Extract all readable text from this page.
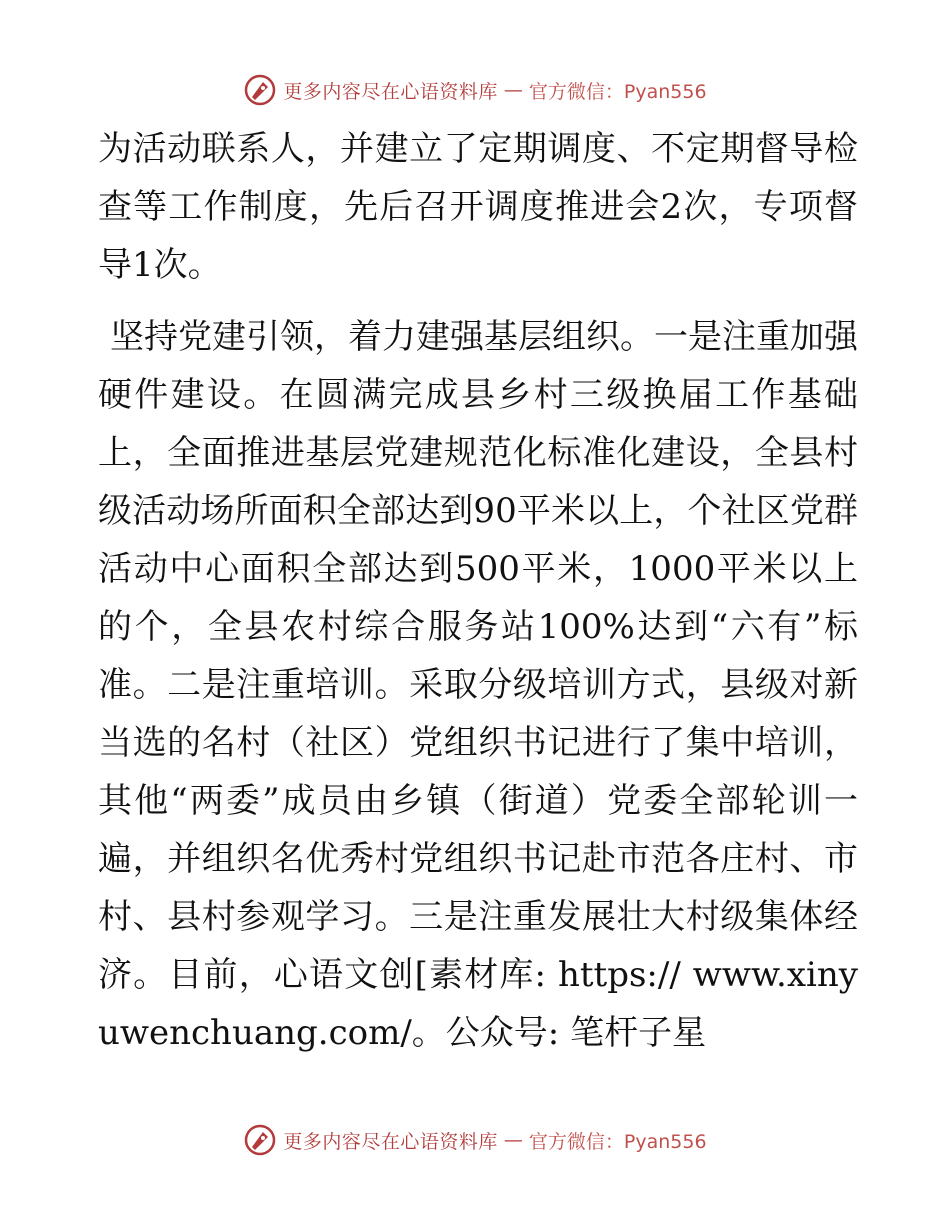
更多内容尽在心语资料库 — 官方微信：Pyan556

为活动联系人，并建立了定期调度、不定期督导检查等工作制度，先后召开调度推进会2次，专项督导1次。

坚持党建引领，着力建强基层组织。一是注重加强硬件建设。在圆满完成县乡村三级换届工作基础上，全面推进基层党建规范化标准化建设，全县村级活动场所面积全部达到90平米以上，个社区党群活动中心面积全部达到500平米，1000平米以上的个，全县农村综合服务站100%达到“六有”标准。二是注重培训。采取分级培训方式，县级对新当选的名村（社区）党组织书记进行了集中培训，其他“两委”成员由乡镇（街道）党委全部轮训一遍，并组织名优秀村党组织书记赴市范各庄村、市村、县村参观学习。三是注重发展壮大村级集体经济。目前，心语文创[素材库: https:// www.xinyuwenchuang.com/。公众号: 笔杆子星

更多内容尽在心语资料库 — 官方微信：Pyan556
